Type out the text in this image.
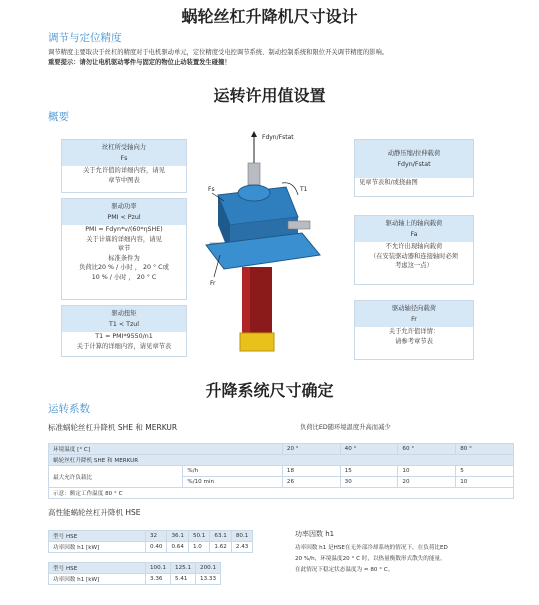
蜗轮丝杠升降机尺寸设计
调节与定位精度
调节精度主要取决于丝杠的精度对于电机驱动单元，定位精度受电控调节系统、制动控制系统和限位开关调节精度的影响。
重要提示：请勿让电机驱动零件与固定的物位止动装置发生碰撞！
运转许用值设置
概要
丝杠所受轴向力
Fs
关于允许值的详细内容，请见
章节中图表
驱动功率
PMI < Pzul
PMI = Fdyn*v/(60*ηSHE)
关于计算的详细内容，请见
章节
标准条件为
负荷比20 % / 小时 ， 20 ° C或
10 % / 小时 ， 20 ° C
驱动扭矩
T1 < Tzul
T1 = PMI*9550/n1
关于计算的详细内容，请见章节表
动静压缩/拉伸载荷
Fdyn/Fstat
见章节表和/或挠曲图
驱动轴上的轴向载荷
Fa
不允许出现轴向载荷
（在安装驱动器和连接轴时必须
考虑这一点）
驱动轴径向载荷
Fr
关于允许值详情：
请参考章节表
Fdyn/Fstat
T1
Fs
Fr
升降系统尺寸确定
运转系数
标准蜗轮丝杠升降机 SHE 和 MERKUR	负荷比ED随环境温度升高而减少
环境温度 [° C]		20 °	40 °	60 °	80 °
蜗轮丝杠升降机 SHE 和 MERKUR					
最大允许负载比	%/h	18	15	10	5
	%/10 min	26	30	20	10
示意：额定工作温度 80 ° C					
高性能蜗轮丝杠升降机 HSE
型号 HSE	32	36.1	50.1	63.1	80.1
功率因数 h1 [kW]	0.40	0.64	1.0	1.62	2.43
型号 HSE	100.1	125.1	200.1
功率因数 h1 [kW]	3.36	5.41	13.33
功率因数 h1
功率因数 h1 是HSE在无外部冷却系统的情况下，在负荷比ED
20 %/h，环境温度20 ° C 时，以热量衡数形式散失的能量。
在此情况下稳定状态温度为 ≈ 80 ° C。
